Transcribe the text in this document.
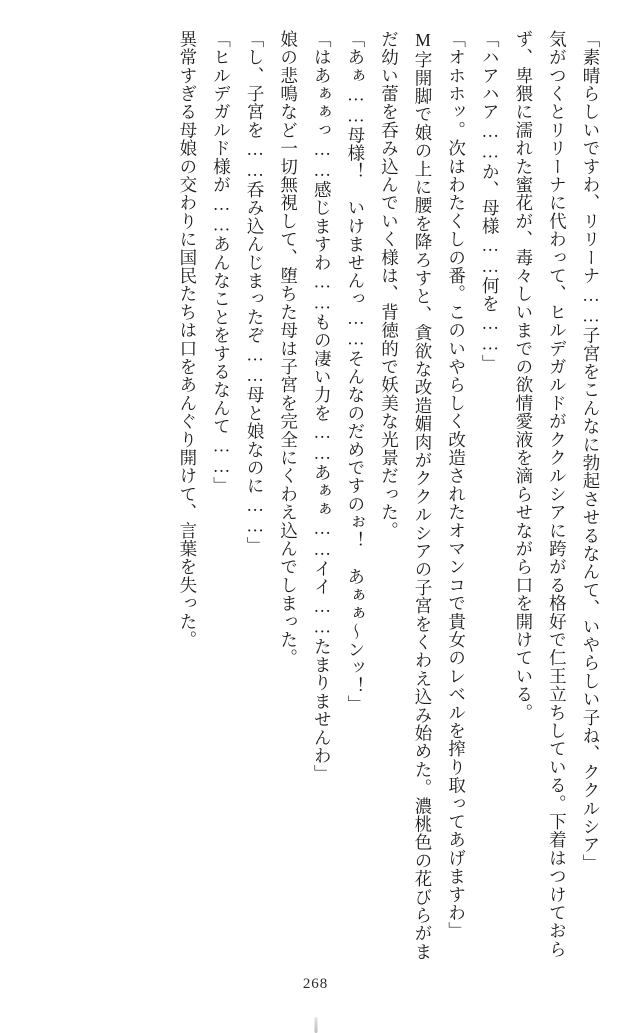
「素晴らしいですわ、リリーナ……子宮をこんなに勃起させるなんて、いやらしい子ね、ククルシア」

気がつくとリリーナに代わって、ヒルデガルドがククルシアに跨がる格好で仁王立ちしている。下着はつけておらず、卑猥に濡れた蜜花が、毒々しいまでの欲情愛液を滴らせながら口を開けている。

「ハアハア……か、母様……何を……」

「オホホッ。次はわたくしの番。このいやらしく改造されたオマンコで貴女のレベルを搾り取ってあげますわ」

M字開脚で娘の上に腰を降ろすと、貪欲な改造媚肉がククルシアの子宮をくわえ込み始めた。濃桃色の花びらがまだ幼い蕾を呑み込んでいく様は、背徳的で妖美な光景だった。

「あぁ……母様！　いけませんっ……そんなのだめですのぉ！　あぁぁ〜ンッ！」

「はあぁぁっ……感じますわ……もの凄い力を……あぁぁ……イイ……たまりませんわ」

娘の悲鳴など一切無視して、堕ちた母は子宮を完全にくわえ込んでしまった。

「し、子宮を……呑み込んじまったぞ……母と娘なのに……」

「ヒルデガルド様が……あんなことをするなんて……」

異常すぎる母娘の交わりに国民たちは口をあんぐり開けて、言葉を失った。

268
